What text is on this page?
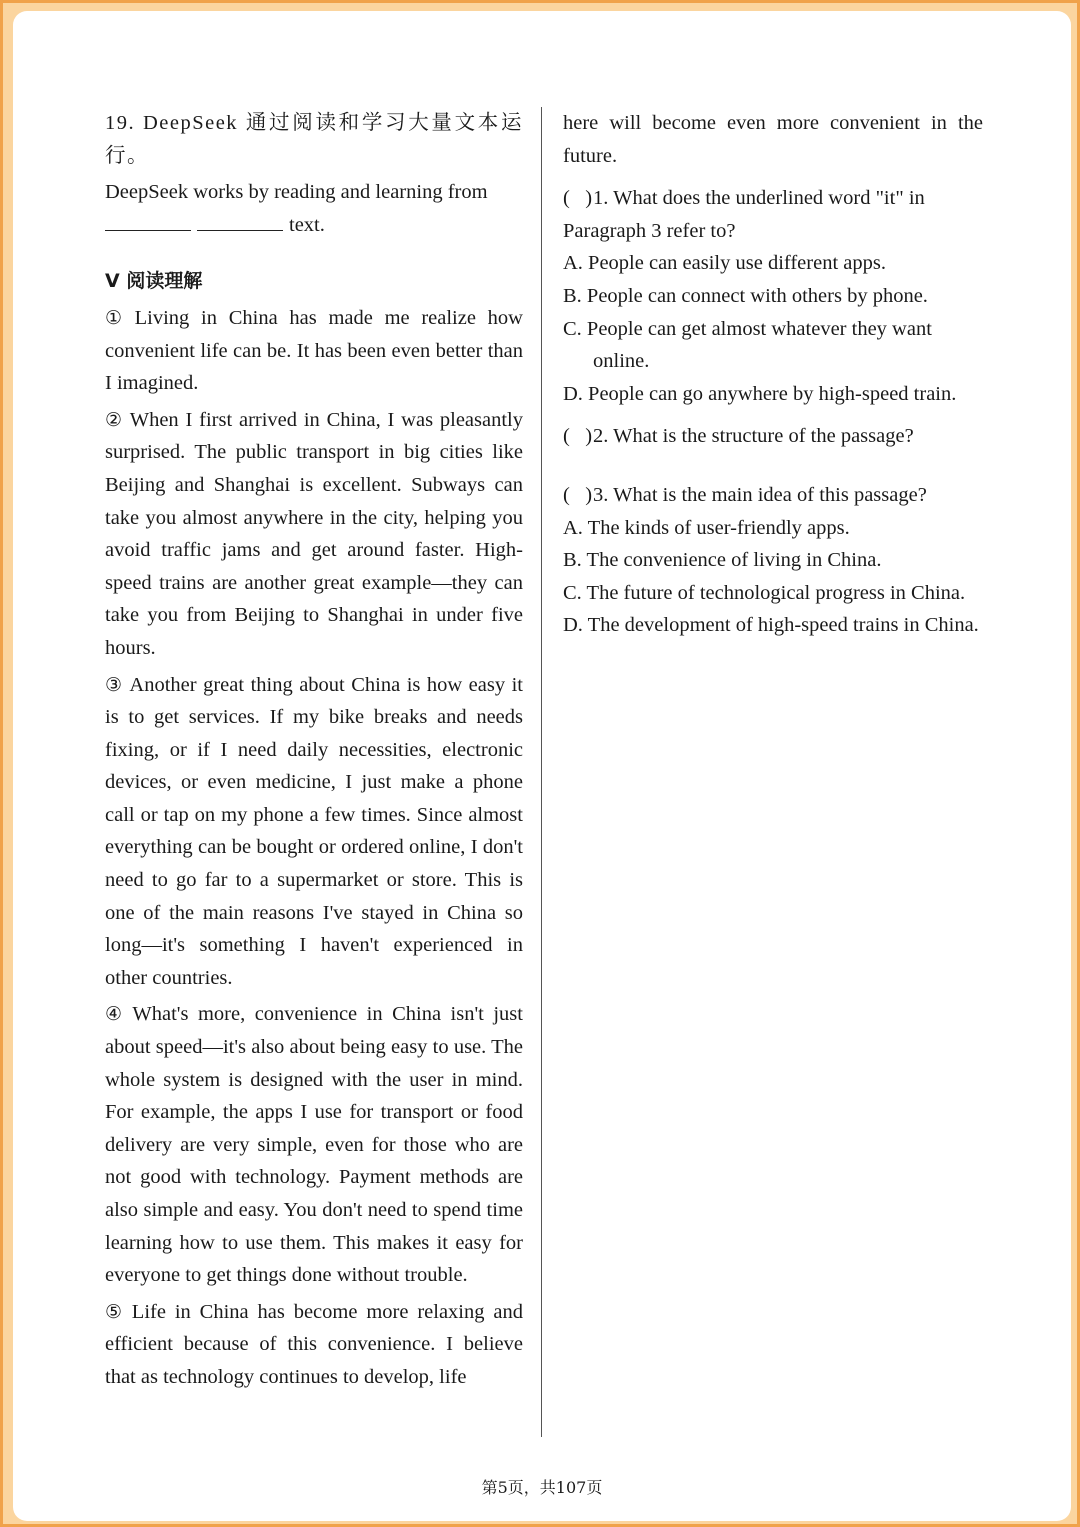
19. DeepSeek 通过阅读和学习大量文本运行。

DeepSeek works by reading and learning from
text.

V 阅读理解

① Living in China has made me realize how convenient life can be. It has been even better than I imagined.

② When I first arrived in China, I was pleasantly surprised. The public transport in big cities like Beijing and Shanghai is excellent. Subways can take you almost anywhere in the city, helping you avoid traffic jams and get around faster. High-speed trains are another great example—they can take you from Beijing to Shanghai in under five hours.

③ Another great thing about China is how easy it is to get services. If my bike breaks and needs fixing, or if I need daily necessities, electronic devices, or even medicine, I just make a phone call or tap on my phone a few times. Since almost everything can be bought or ordered online, I don't need to go far to a supermarket or store. This is one of the main reasons I've stayed in China so long—it's something I haven't experienced in other countries.

④ What's more, convenience in China isn't just about speed—it's also about being easy to use. The whole system is designed with the user in mind. For example, the apps I use for transport or food delivery are very simple, even for those who are not good with technology. Payment methods are also simple and easy. You don't need to spend time learning how to use them. This makes it easy for everyone to get things done without trouble.

⑤ Life in China has become more relaxing and efficient because of this convenience. I believe that as technology continues to develop, life

here will become even more convenient in the future.

(   )1. What does the underlined word "it" in Paragraph 3 refer to?

A. People can easily use different apps.

B. People can connect with others by phone.

C. People can get almost whatever they want online.

D. People can go anywhere by high-speed train.

(   )2. What is the structure of the passage?

(   )3. What is the main idea of this passage?

A. The kinds of user-friendly apps.

B. The convenience of living in China.

C. The future of technological progress in China.

D. The development of high-speed trains in China.

第5页，共107页
